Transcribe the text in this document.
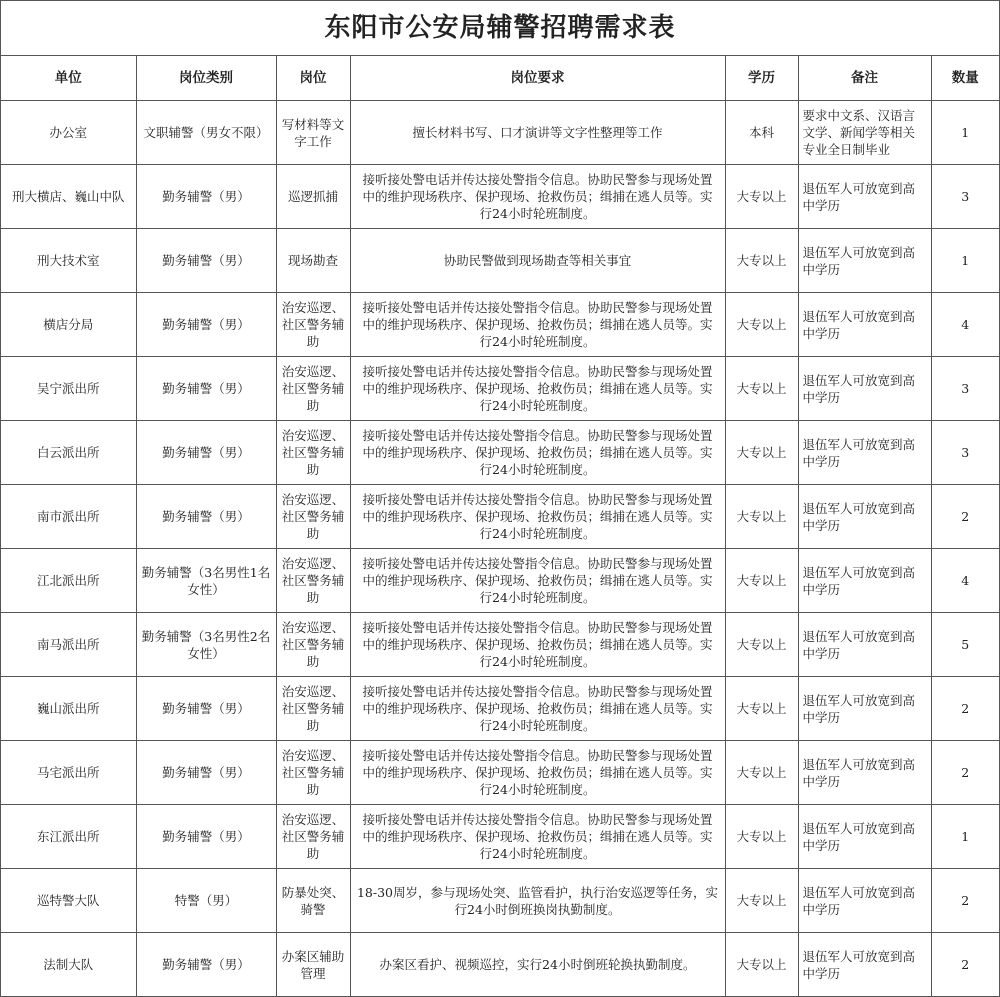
东阳市公安局辅警招聘需求表
单位	岗位类别	岗位	岗位要求	学历	备注	数量
办公室	文职辅警（男女不限）	写材料等文字工作	擅长材料书写、口才演讲等文字性整理等工作	本科	要求中文系、汉语言文学、新闻学等相关专业全日制毕业	1
刑大横店、巍山中队	勤务辅警（男）	巡逻抓捕	接听接处警电话并传达接处警指令信息。协助民警参与现场处置中的维护现场秩序、保护现场、抢救伤员；缉捕在逃人员等。实行24小时轮班制度。	大专以上	退伍军人可放宽到高中学历	3
刑大技术室	勤务辅警（男）	现场勘查	协助民警做到现场勘查等相关事宜	大专以上	退伍军人可放宽到高中学历	1
横店分局	勤务辅警（男）	治安巡逻、社区警务辅助	接听接处警电话并传达接处警指令信息。协助民警参与现场处置中的维护现场秩序、保护现场、抢救伤员；缉捕在逃人员等。实行24小时轮班制度。	大专以上	退伍军人可放宽到高中学历	4
吴宁派出所	勤务辅警（男）	治安巡逻、社区警务辅助	接听接处警电话并传达接处警指令信息。协助民警参与现场处置中的维护现场秩序、保护现场、抢救伤员；缉捕在逃人员等。实行24小时轮班制度。	大专以上	退伍军人可放宽到高中学历	3
白云派出所	勤务辅警（男）	治安巡逻、社区警务辅助	接听接处警电话并传达接处警指令信息。协助民警参与现场处置中的维护现场秩序、保护现场、抢救伤员；缉捕在逃人员等。实行24小时轮班制度。	大专以上	退伍军人可放宽到高中学历	3
南市派出所	勤务辅警（男）	治安巡逻、社区警务辅助	接听接处警电话并传达接处警指令信息。协助民警参与现场处置中的维护现场秩序、保护现场、抢救伤员；缉捕在逃人员等。实行24小时轮班制度。	大专以上	退伍军人可放宽到高中学历	2
江北派出所	勤务辅警（3名男性1名女性）	治安巡逻、社区警务辅助	接听接处警电话并传达接处警指令信息。协助民警参与现场处置中的维护现场秩序、保护现场、抢救伤员；缉捕在逃人员等。实行24小时轮班制度。	大专以上	退伍军人可放宽到高中学历	4
南马派出所	勤务辅警（3名男性2名女性）	治安巡逻、社区警务辅助	接听接处警电话并传达接处警指令信息。协助民警参与现场处置中的维护现场秩序、保护现场、抢救伤员；缉捕在逃人员等。实行24小时轮班制度。	大专以上	退伍军人可放宽到高中学历	5
巍山派出所	勤务辅警（男）	治安巡逻、社区警务辅助	接听接处警电话并传达接处警指令信息。协助民警参与现场处置中的维护现场秩序、保护现场、抢救伤员；缉捕在逃人员等。实行24小时轮班制度。	大专以上	退伍军人可放宽到高中学历	2
马宅派出所	勤务辅警（男）	治安巡逻、社区警务辅助	接听接处警电话并传达接处警指令信息。协助民警参与现场处置中的维护现场秩序、保护现场、抢救伤员；缉捕在逃人员等。实行24小时轮班制度。	大专以上	退伍军人可放宽到高中学历	2
东江派出所	勤务辅警（男）	治安巡逻、社区警务辅助	接听接处警电话并传达接处警指令信息。协助民警参与现场处置中的维护现场秩序、保护现场、抢救伤员；缉捕在逃人员等。实行24小时轮班制度。	大专以上	退伍军人可放宽到高中学历	1
巡特警大队	特警（男）	防暴处突、骑警	18-30周岁，参与现场处突、监管看护，执行治安巡逻等任务，实行24小时倒班换岗执勤制度。	大专以上	退伍军人可放宽到高中学历	2
法制大队	勤务辅警（男）	办案区辅助管理	办案区看护、视频巡控，实行24小时倒班轮换执勤制度。	大专以上	退伍军人可放宽到高中学历	2
